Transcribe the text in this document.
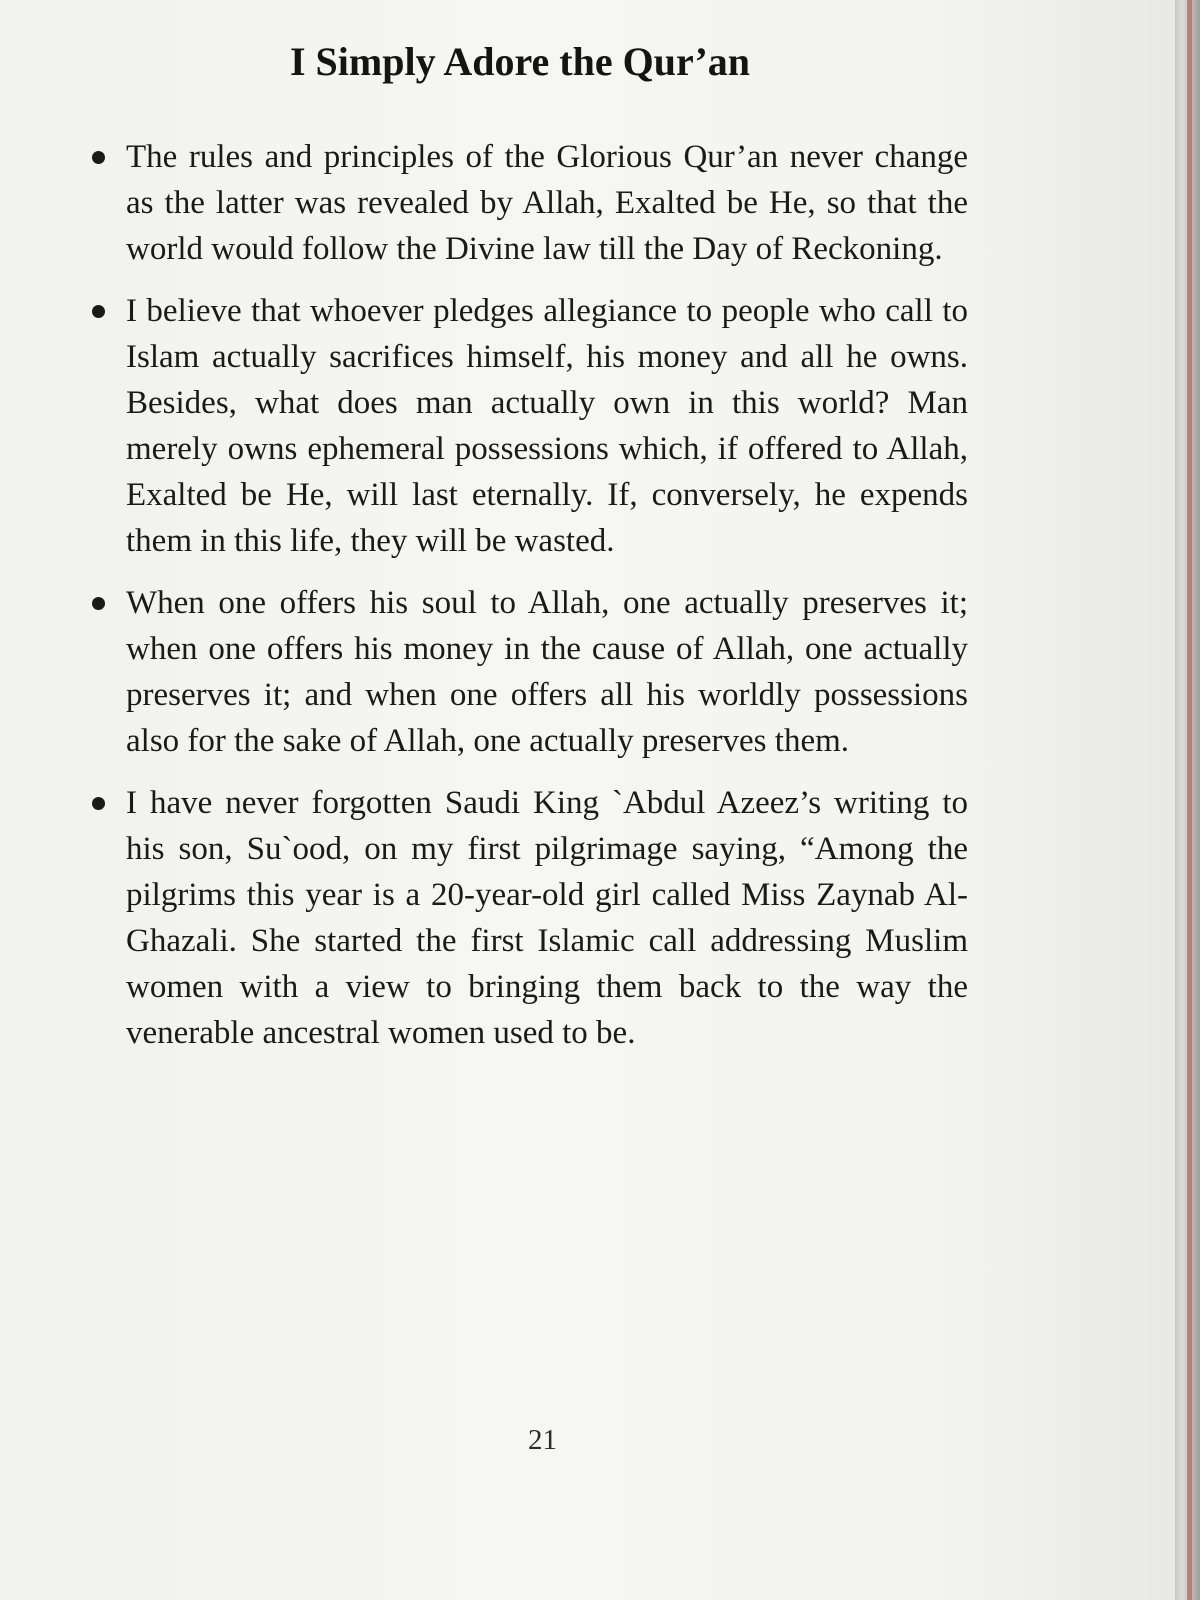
I Simply Adore the Qur’an
The rules and principles of the Glorious Qur’an never change as the latter was revealed by Allah, Exalted be He, so that the world would follow the Divine law till the Day of Reckoning.
I believe that whoever pledges allegiance to people who call to Islam actually sacrifices himself, his money and all he owns. Besides, what does man actually own in this world? Man merely owns ephemeral possessions which, if offered to Allah, Exalted be He, will last eternally. If, conversely, he expends them in this life, they will be wasted.
When one offers his soul to Allah, one actually preserves it; when one offers his money in the cause of Allah, one actually preserves it; and when one offers all his worldly possessions also for the sake of Allah, one actually preserves them.
I have never forgotten Saudi King `Abdul Azeez’s writing to his son, Su`ood, on my first pilgrimage saying, “Among the pilgrims this year is a 20-year-old girl called Miss Zaynab Al-Ghazali. She started the first Islamic call addressing Muslim women with a view to bringing them back to the way the venerable ancestral women used to be.
21
